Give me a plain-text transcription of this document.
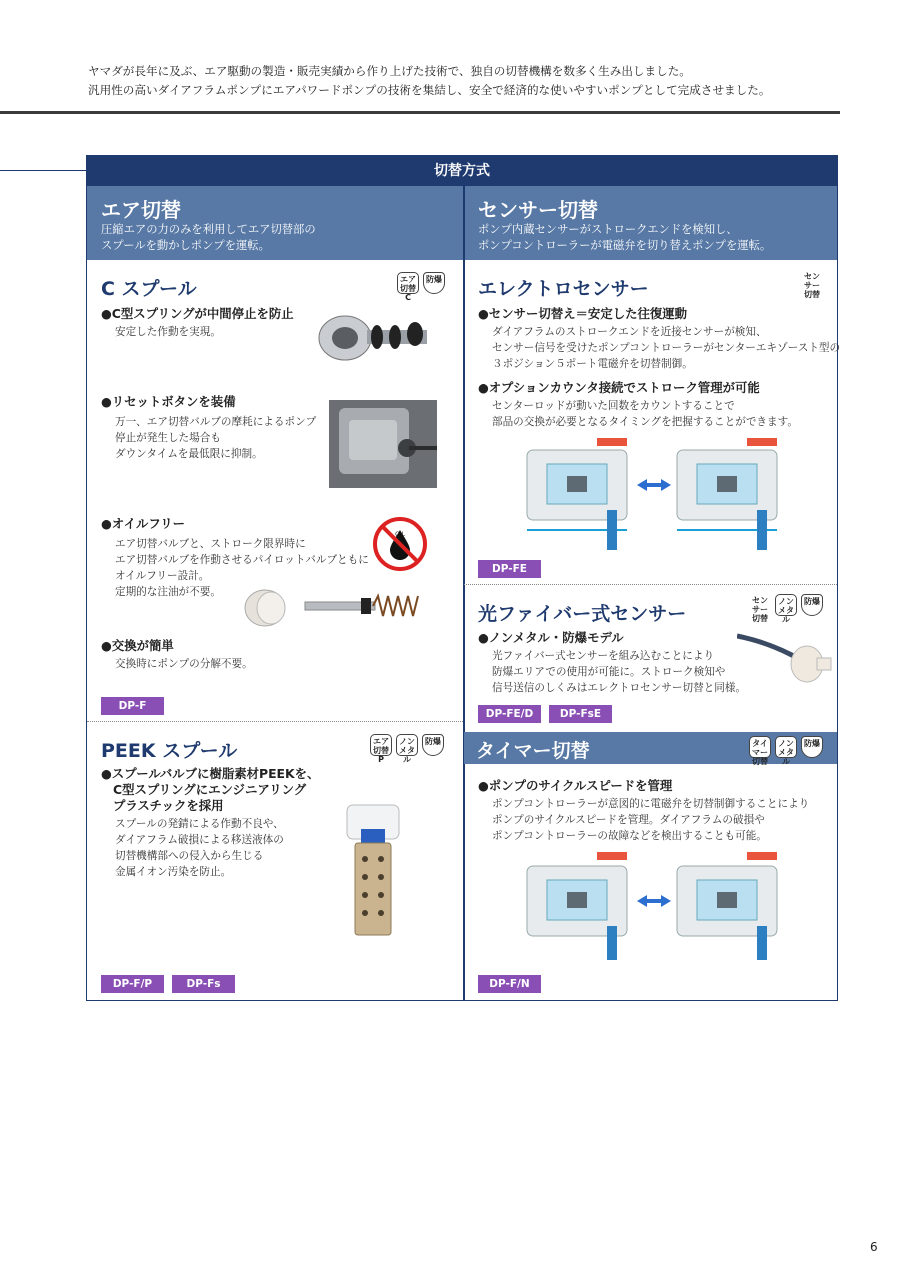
ヤマダが長年に及ぶ、エア駆動の製造・販売実績から作り上げた技術で、独自の切替機構を数多く生み出しました。
汎用性の高いダイアフラムポンプにエアパワードポンプの技術を集結し、安全で経済的な使いやすいポンプとして完成させました。
切替方式
エア切替
圧縮エアの力のみを利用してエア切替部の
スプールを動かしポンプを運転。
センサー切替
ポンプ内蔵センサーがストロークエンドを検知し、
ポンプコントローラーが電磁弁を切り替えポンプを運転。
C スプール	エア切替C
防爆
●C型スプリングが中間停止を防止
安定した作動を実現。
●リセットボタンを装備
万一、エア切替バルブの摩耗によるポンプ
停止が発生した場合も
ダウンタイムを最低限に抑制。
●オイルフリー
エア切替バルブと、ストローク限界時に
エア切替バルブを作動させるパイロットバルブともに
オイルフリー設計。
定期的な注油が不要。
OIL
●交換が簡単
交換時にポンプの分解不要。
DP-F
PEEK スプール	エア切替P
ノンメタル
防爆
●スプールバルブに樹脂素材PEEKを、
C型スプリングにエンジニアリング
プラスチックを採用
スプールの発錆による作動不良や、
ダイアフラム破損による移送液体の
切替機構部への侵入から生じる
金属イオン汚染を防止。
DP-F/P	DP-Fs
エレクトロセンサー
センサー切替
●センサー切替え＝安定した往復運動
ダイアフラムのストロークエンドを近接センサーが検知、
センサー信号を受けたポンプコントローラーがセンターエキゾースト型の
３ポジション５ポート電磁弁を切替制御。
●オプションカウンタ接続でストローク管理が可能
センターロッドが動いた回数をカウントすることで
部品の交換が必要となるタイミングを把握することができます。
DP-FE
光ファイバー式センサー
センサー切替
ノンメタル
防爆
●ノンメタル・防爆モデル
光ファイバー式センサーを組み込むことにより
防爆エリアでの使用が可能に。ストローク検知や
信号送信のしくみはエレクトロセンサー切替と同様。
DP-FE/D	DP-FsE
タイマー切替	タイマー切替
ノンメタル
防爆
●ポンプのサイクルスピードを管理
ポンプコントローラーが意図的に電磁弁を切替制御することにより
ポンプのサイクルスピードを管理。ダイアフラムの破損や
ポンプコントローラーの故障などを検出することも可能。
DP-F/N
6
